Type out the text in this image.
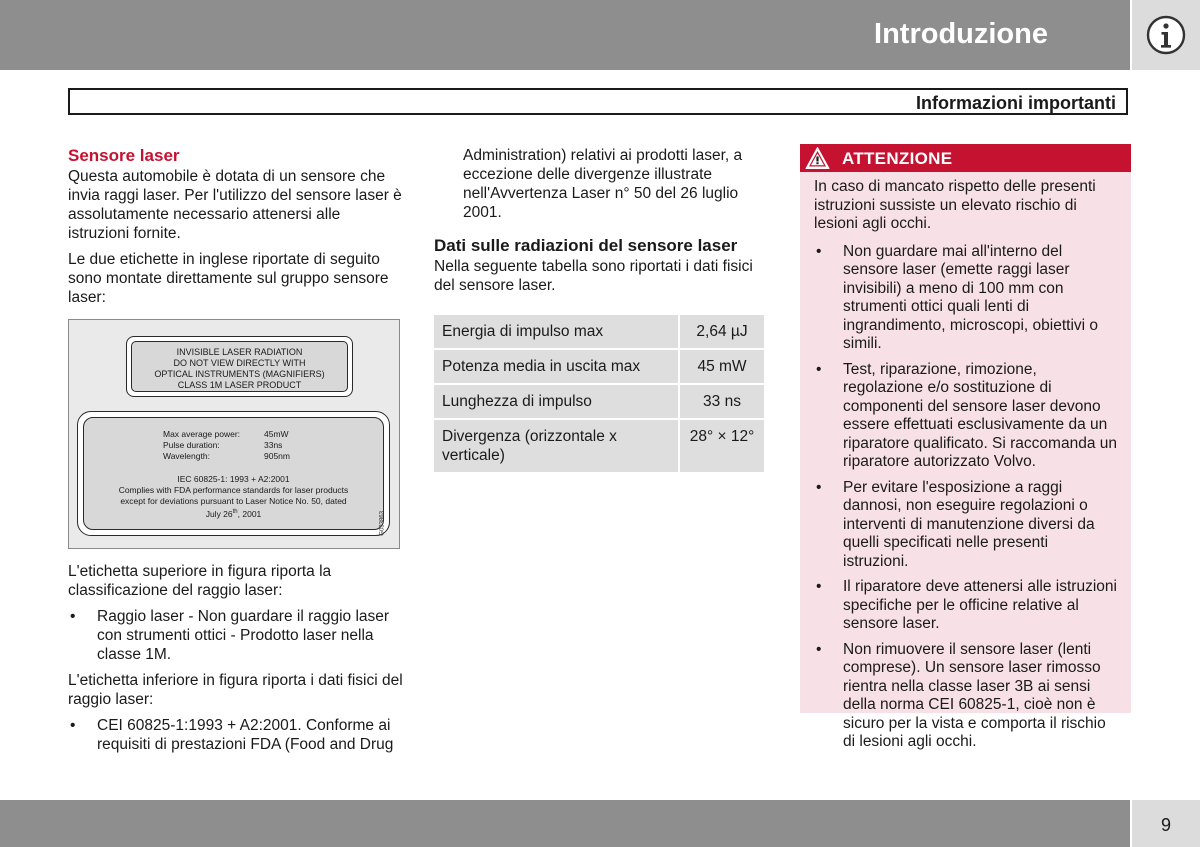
Introduzione
Informazioni importanti
Sensore laser

Questa automobile è dotata di un sensore che invia raggi laser. Per l'utilizzo del sensore laser è assolutamente necessario attenersi alle istruzioni fornite.

Le due etichette in inglese riportate di seguito sono montate direttamente sul gruppo sensore laser:

INVISIBLE LASER RADIATION
DO NOT VIEW DIRECTLY WITH
OPTICAL INSTRUMENTS (MAGNIFIERS)
CLASS 1M LASER PRODUCT
Max average power:	45mW
Pulse duration:	33ns
Wavelength:	905nm
IEC 60825-1: 1993 + A2:2001
Complies with FDA performance standards for laser products
except for deviations pursuant to Laser Notice No. 50, dated
July 26th, 2001	G033863

L'etichetta superiore in figura riporta la classificazione del raggio laser:

• Raggio laser - Non guardare il raggio laser con strumenti ottici - Prodotto laser nella classe 1M.

L'etichetta inferiore in figura riporta i dati fisici del raggio laser:

• CEI 60825-1:1993 + A2:2001. Conforme ai requisiti di prestazioni FDA (Food and Drug

Administration) relativi ai prodotti laser, a eccezione delle divergenze illustrate nell'Avvertenza Laser n° 50 del 26 luglio 2001.

Dati sulle radiazioni del sensore laser

Nella seguente tabella sono riportati i dati fisici del sensore laser.

Energia di impulso max	2,64 µJ
Potenza media in uscita max	45 mW
Lunghezza di impulso	33 ns
Divergenza (orizzontale x verticale)	28° × 12°
ATTENZIONE

In caso di mancato rispetto delle presenti istruzioni sussiste un elevato rischio di lesioni agli occhi.

• Non guardare mai all'interno del sensore laser (emette raggi laser invisibili) a meno di 100 mm con strumenti ottici quali lenti di ingrandimento, microscopi, obiettivi o simili.
• Test, riparazione, rimozione, regolazione e/o sostituzione di componenti del sensore laser devono essere effettuati esclusivamente da un riparatore qualificato. Si raccomanda un riparatore autorizzato Volvo.
• Per evitare l'esposizione a raggi dannosi, non eseguire regolazioni o interventi di manutenzione diversi da quelli specificati nelle presenti istruzioni.
• Il riparatore deve attenersi alle istruzioni specifiche per le officine relative al sensore laser.
• Non rimuovere il sensore laser (lenti comprese). Un sensore laser rimosso rientra nella classe laser 3B ai sensi della norma CEI 60825-1, cioè non è sicuro per la vista e comporta il rischio di lesioni agli occhi.
9
